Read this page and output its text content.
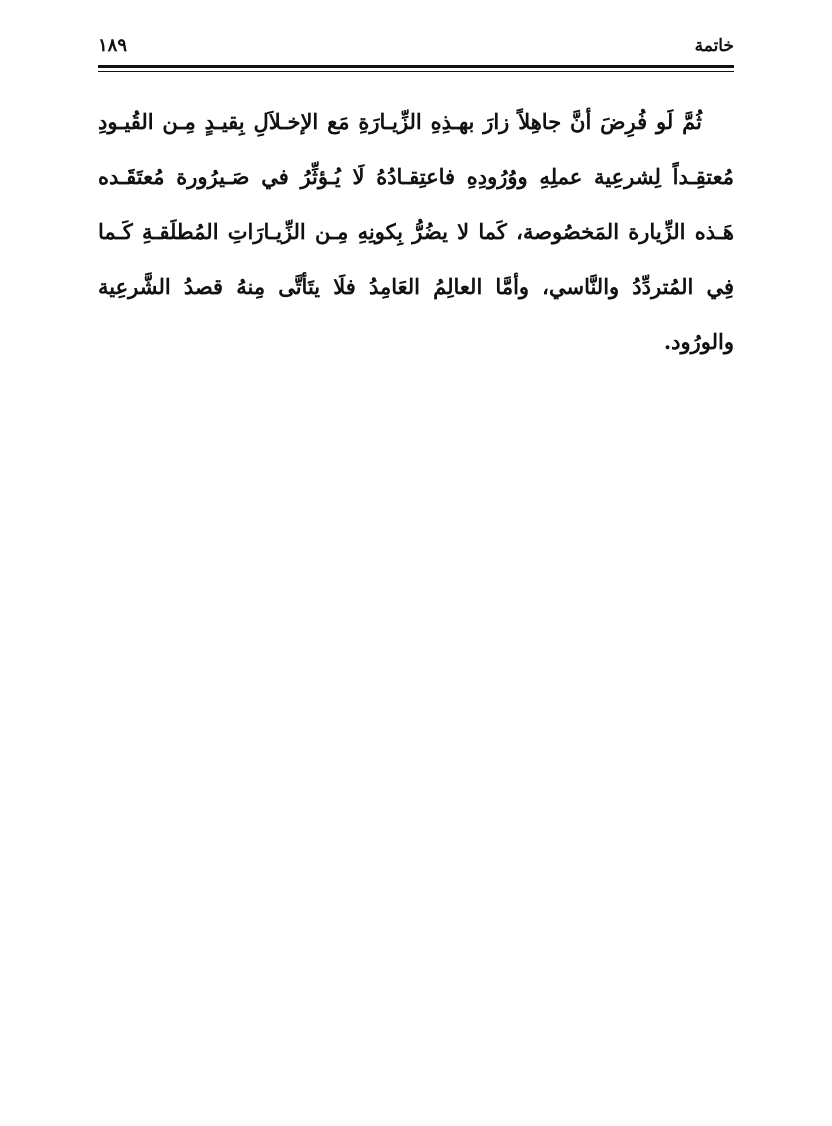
خاتمة
١٨٩

ثُمَّ لَو فُرِضَ أنَّ جاهِلاً زارَ بهـذِهِ الزِّيـارَةِ مَع الإخـلاَلِ بِقيـدٍ مِـن القُيـودِ مُعتقِـداً لِشرعِية عملِهِ ووُرُودِهِ فاعتِقـادُهُ لَا يُـؤثِّرُ في صَـيرُورة مُعتَقَـده هَـذه الزِّيارة المَخصُوصة، كَما لا يضُرُّ بِكونِهِ مِـن الزِّيـارَاتِ المُطلَقـةِ كَـما فِي المُتردِّدُ والنَّاسي، وأمَّا العالِمُ العَامِدُ فلَا يتَأتَّى مِنهُ قصدُ الشَّرعِية والورُود.
